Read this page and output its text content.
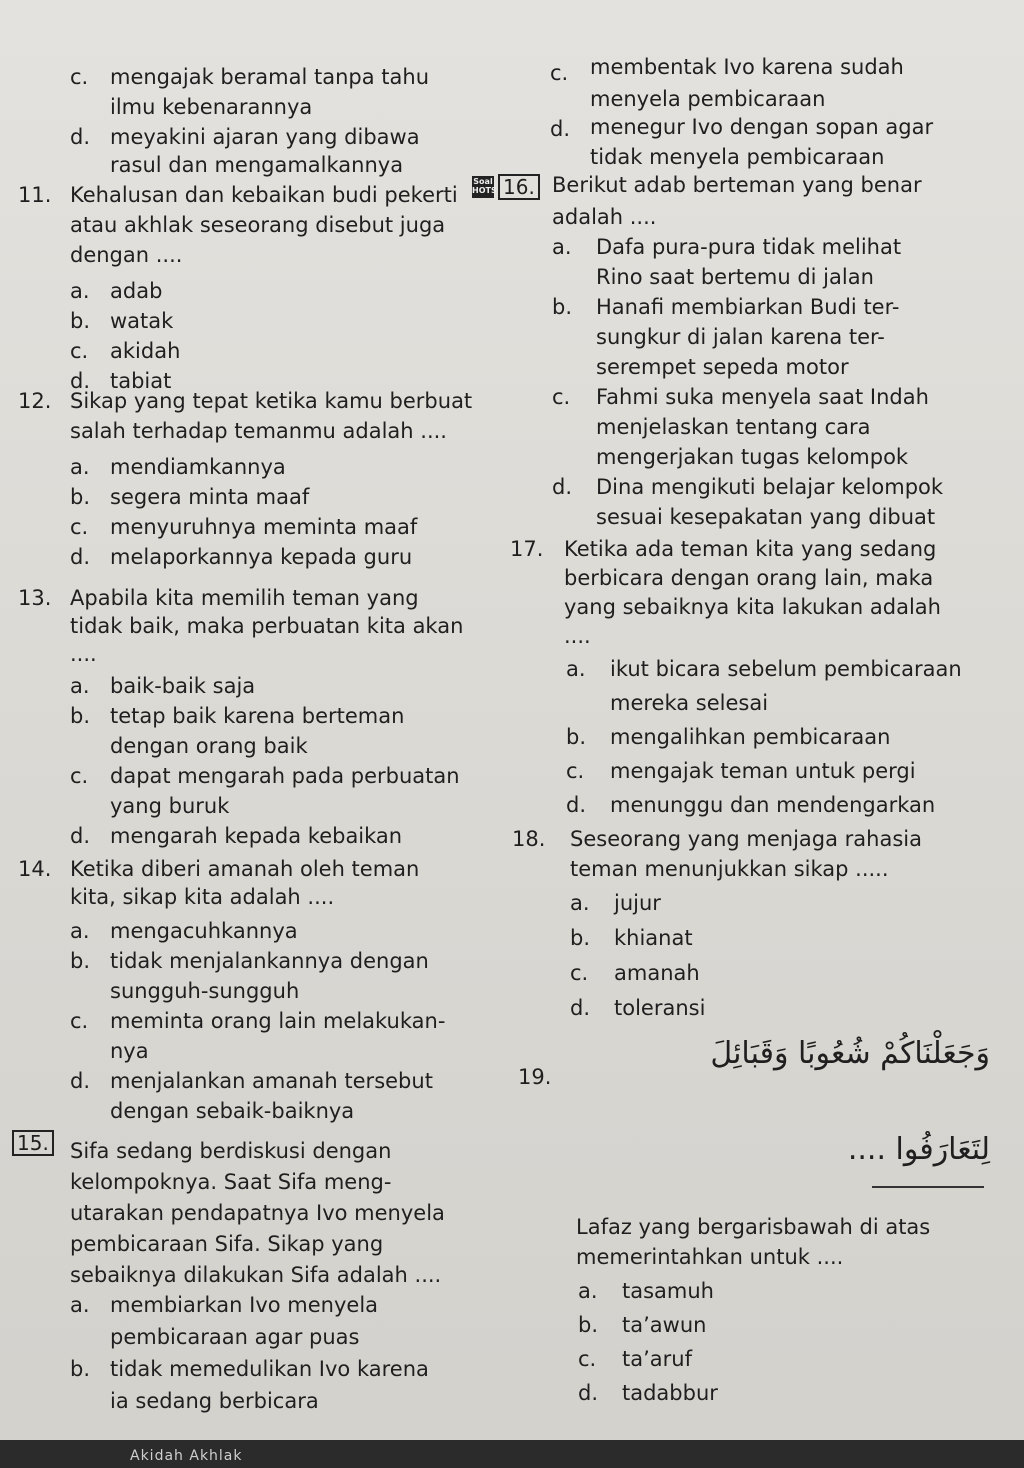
Akidah Akhlak
c. mengajak beramal tanpa tahu
ilmu kebenarannya
d. meyakini ajaran yang dibawa
rasul dan mengamalkannya
11. Kehalusan dan kebaikan budi pekerti
atau akhlak seseorang disebut juga
dengan ....
a. adab
b. watak
c. akidah
d. tabiat
12. Sikap yang tepat ketika kamu berbuat
salah terhadap temanmu adalah ....
a. mendiamkannya
b. segera minta maaf
c. menyuruhnya meminta maaf
d. melaporkannya kepada guru
13. Apabila kita memilih teman yang
tidak baik, maka perbuatan kita akan
....
a. baik-baik saja
b. tetap baik karena berteman
dengan orang baik
c. dapat mengarah pada perbuatan
yang buruk
d. mengarah kepada kebaikan
14. Ketika diberi amanah oleh teman
kita, sikap kita adalah ....
a. mengacuhkannya
b. tidak menjalankannya dengan
sungguh-sungguh
c. meminta orang lain melakukan-
nya
d. menjalankan amanah tersebut
dengan sebaik-baiknya
15. Sifa sedang berdiskusi dengan
kelompoknya. Saat Sifa meng-
utarakan pendapatnya Ivo menyela
pembicaraan Sifa. Sikap yang
sebaiknya dilakukan Sifa adalah ....
a. membiarkan Ivo menyela
pembicaraan agar puas
b. tidak memedulikan Ivo karena
ia sedang berbicara
c. membentak Ivo karena sudah
menyela pembicaraan
d. menegur Ivo dengan sopan agar
tidak menyela pembicaraan
Soal HOTS 16. Berikut adab berteman yang benar
adalah ....
a. Dafa pura-pura tidak melihat
Rino saat bertemu di jalan
b. Hanafi membiarkan Budi ter-
sungkur di jalan karena ter-
serempet sepeda motor
c. Fahmi suka menyela saat Indah
menjelaskan tentang cara
mengerjakan tugas kelompok
d. Dina mengikuti belajar kelompok
sesuai kesepakatan yang dibuat
17. Ketika ada teman kita yang sedang
berbicara dengan orang lain, maka
yang sebaiknya kita lakukan adalah
....
a. ikut bicara sebelum pembicaraan
mereka selesai
b. mengalihkan pembicaraan
c. mengajak teman untuk pergi
d. menunggu dan mendengarkan
18. Seseorang yang menjaga rahasia
teman menunjukkan sikap .....
a. jujur
b. khianat
c. amanah
d. toleransi
19.
وَجَعَلْنَاكُمْ شُعُوبًا وَقَبَائِلَ
لِتَعَارَفُوا ....
Lafaz yang bergarisbawah di atas
memerintahkan untuk ....
a. tasamuh
b. ta’awun
c. ta’aruf
d. tadabbur
